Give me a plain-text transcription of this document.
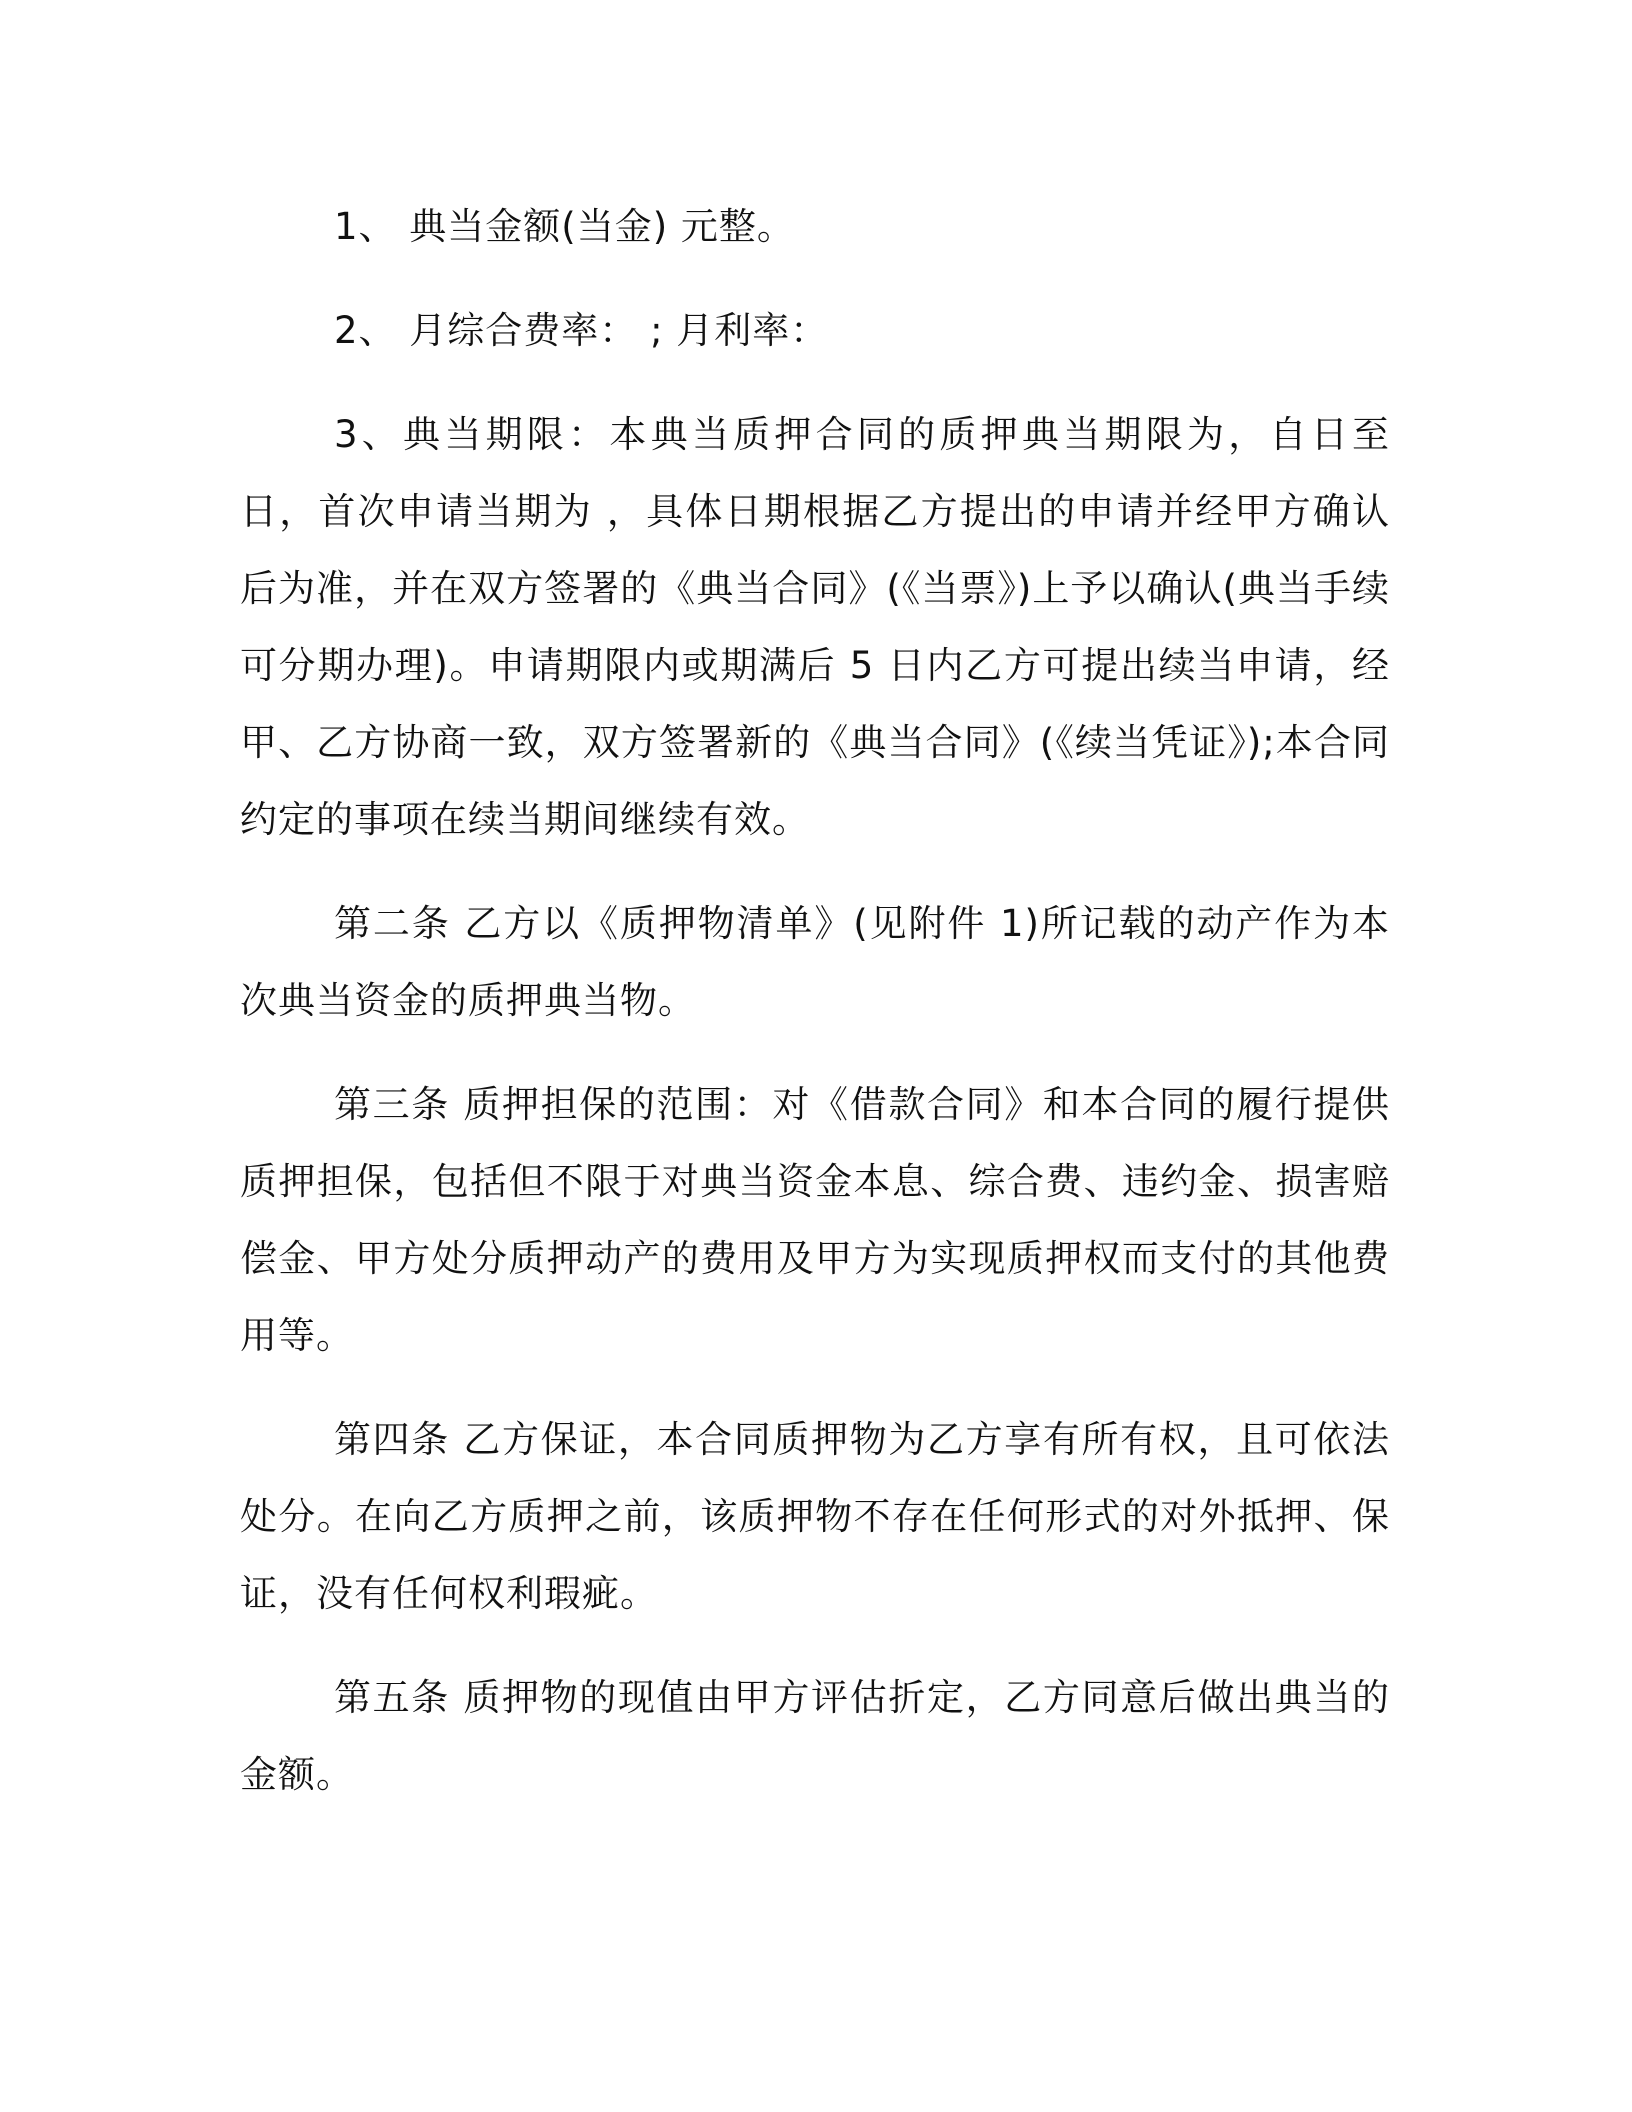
1、 典当金额(当金) 元整。

2、 月综合费率： ; 月利率：

3、典当期限：本典当质押合同的质押典当期限为，自日至 日，首次申请当期为 ，具体日期根据乙方提出的申请并经甲方确认后为准，并在双方签署的《典当合同》(《当票》)上予以确认(典当手续可分期办理)。申请期限内或期满后 5 日内乙方可提出续当申请，经甲、乙方协商一致，双方签署新的《典当合同》(《续当凭证》);本合同约定的事项在续当期间继续有效。

第二条 乙方以《质押物清单》(见附件 1)所记载的动产作为本次典当资金的质押典当物。

第三条 质押担保的范围：对《借款合同》和本合同的履行提供质押担保，包括但不限于对典当资金本息、综合费、违约金、损害赔偿金、甲方处分质押动产的费用及甲方为实现质押权而支付的其他费用等。

第四条 乙方保证，本合同质押物为乙方享有所有权，且可依法处分。在向乙方质押之前，该质押物不存在任何形式的对外抵押、保证，没有任何权利瑕疵。

第五条 质押物的现值由甲方评估折定，乙方同意后做出典当的金额。
